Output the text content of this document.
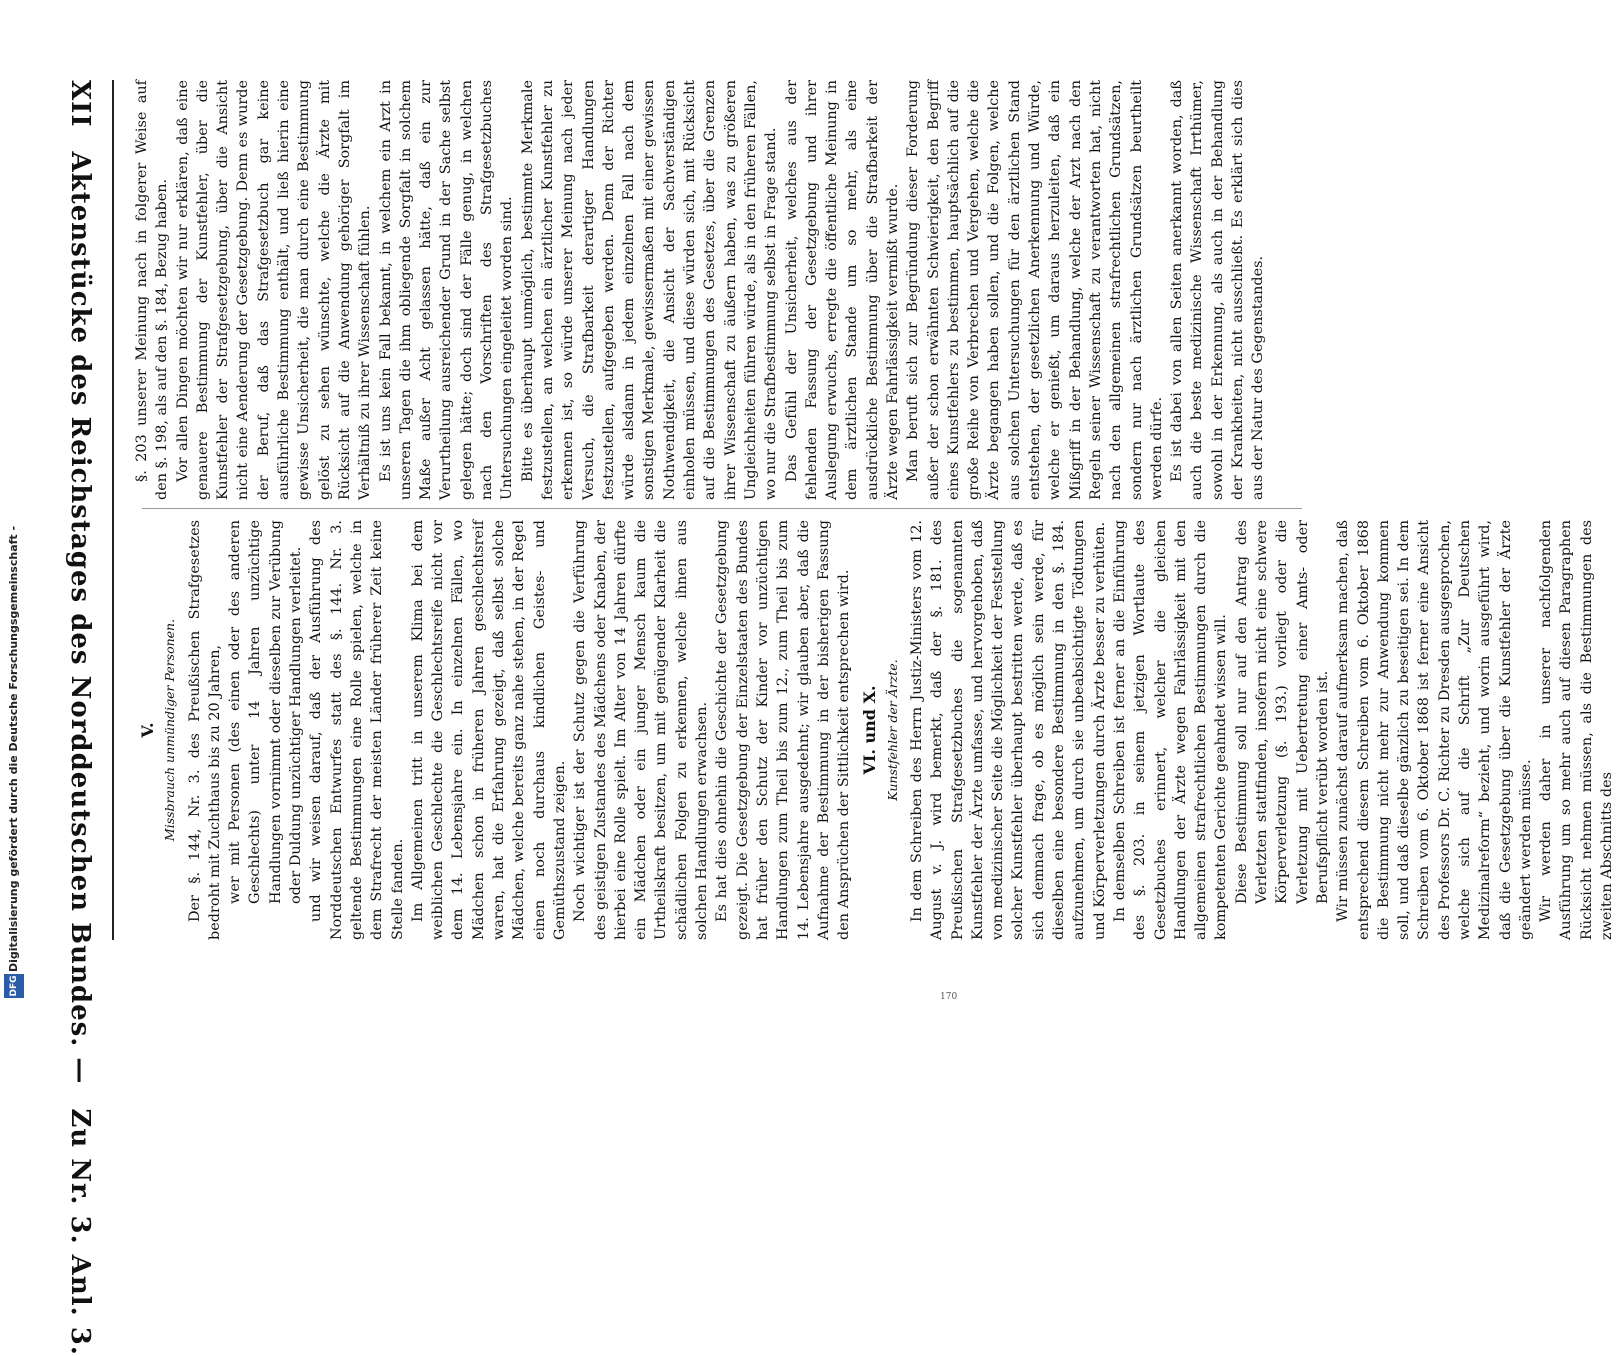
XII
Aktenstücke des Reichstages des Norddeutschen Bundes. —
Zu Nr. 3. Anl. 3.

§. 203 unserer Meinung nach in folgerer Weise auf den §. 198, als auf den §. 184, Bezug haben. Vor allen Dingen möchten wir nur erklären, daß eine genauere Bestimmung der Kunstfehler, über die Kunstfehler der Strafgesetzgebung, über die Ansicht nicht eine Aenderung der Gesetzgebung. Denn es wurde der Beruf, daß das Strafgesetzbuch gar keine ausführliche Bestimmung enthält, und ließ hierin eine gewisse Unsicherheit, die man durch eine Bestimmung gelöst zu sehen wünschte, welche die Ärzte mit Rücksicht auf die Anwendung gehöriger Sorgfalt im Verhältniß zu ihrer Wissenschaft fühlen. Es ist uns kein Fall bekannt, in welchem ein Arzt in unseren Tagen die ihm obliegende Sorgfalt in solchem Maße außer Acht gelassen hätte, daß ein zur Verurtheilung ausreichender Grund in der Sache selbst gelegen hätte; doch sind der Fälle genug, in welchen nach den Vorschriften des Strafgesetzbuches Untersuchungen eingeleitet worden sind. Bitte es überhaupt unmöglich, bestimmte Merkmale festzustellen, an welchen ein ärztlicher Kunstfehler zu erkennen ist, so würde unserer Meinung nach jeder Versuch, die Strafbarkeit derartiger Handlungen festzustellen, aufgegeben werden. Denn der Richter würde alsdann in jedem einzelnen Fall nach dem sonstigen Merkmale, gewissermaßen mit einer gewissen Nothwendigkeit, die Ansicht der Sachverständigen einholen müssen, und diese würden sich, mit Rücksicht auf die Bestimmungen des Gesetzes, über die Grenzen ihrer Wissenschaft zu äußern haben, was zu größeren Ungleichheiten führen würde, als in den früheren Fällen, wo nur die Strafbestimmung selbst in Frage stand. Das Gefühl der Unsicherheit, welches aus der fehlenden Fassung der Gesetzgebung und ihrer Auslegung erwuchs, erregte die öffentliche Meinung in dem ärztlichen Stande um so mehr, als eine ausdrückliche Bestimmung über die Strafbarkeit der Ärzte wegen Fahrlässigkeit vermißt wurde. Man beruft sich zur Begründung dieser Forderung außer der schon erwähnten Schwierigkeit, den Begriff eines Kunstfehlers zu bestimmen, hauptsächlich auf die große Reihe von Verbrechen und Vergehen, welche die Ärzte begangen haben sollen, und die Folgen, welche aus solchen Untersuchungen für den ärztlichen Stand entstehen, der gesetzlichen Anerkennung und Würde, welche er genießt, um daraus herzuleiten, daß ein Mißgriff in der Behandlung, welche der Arzt nach den Regeln seiner Wissenschaft zu verantworten hat, nicht nach den allgemeinen strafrechtlichen Grundsätzen, sondern nur nach ärztlichen Grundsätzen beurtheilt werden dürfe. Es ist dabei von allen Seiten anerkannt worden, daß auch die beste medizinische Wissenschaft Irrthümer, sowohl in der Erkennung, als auch in der Behandlung der Krankheiten, nicht ausschließt. Es erklärt sich dies aus der Natur des Gegenstandes.

V. Missbrauch unmündiger Personen. Der §. 144, Nr. 3. des Preußischen Strafgesetzes bedroht mit Zuchthaus bis zu 20 Jahren, wer mit Personen (des einen oder des anderen Geschlechts) unter 14 Jahren unzüchtige Handlungen vornimmt oder dieselben zur Verübung oder Duldung unzüchtiger Handlungen verleitet. und wir weisen darauf, daß der Ausführung des Norddeutschen Entwurfes statt des §. 144. Nr. 3. geltende Bestimmungen eine Rolle spielen, welche in dem Strafrecht der meisten Länder früherer Zeit keine Stelle fanden. Im Allgemeinen tritt in unserem Klima bei dem weiblichen Geschlechte die Geschlechtsreife nicht vor dem 14. Lebensjahre ein. In einzelnen Fällen, wo Mädchen schon in früheren Jahren geschlechtsreif waren, hat die Erfahrung gezeigt, daß selbst solche Mädchen, welche bereits ganz nahe stehen, in der Regel einen noch durchaus kindlichen Geistes- und Gemüthszustand zeigen. Noch wichtiger ist der Schutz gegen die Verführung des geistigen Zustandes des Mädchens oder Knaben, der hierbei eine Rolle spielt. Im Alter von 14 Jahren dürfte ein Mädchen oder ein junger Mensch kaum die Urtheilskraft besitzen, um mit genügender Klarheit die schädlichen Folgen zu erkennen, welche ihnen aus solchen Handlungen erwachsen. Es hat dies ohnehin die Geschichte der Gesetzgebung gezeigt. Die Gesetzgebung der Einzelstaaten des Bundes hat früher den Schutz der Kinder vor unzüchtigen Handlungen zum Theil bis zum 12., zum Theil bis zum 14. Lebensjahre ausgedehnt; wir glauben aber, daß die Aufnahme der Bestimmung in der bisherigen Fassung den Ansprüchen der Sittlichkeit entsprechen wird. VI. und X. Kunstfehler der Ärzte. In dem Schreiben des Herrn Justiz-Ministers vom 12. August v. J. wird bemerkt, daß der §. 181. des Preußischen Strafgesetzbuches die sogenannten Kunstfehler der Ärzte umfasse, und hervorgehoben, daß von medizinischer Seite die Möglichkeit der Feststellung solcher Kunstfehler überhaupt bestritten werde, daß es sich demnach frage, ob es möglich sein werde, für dieselben eine besondere Bestimmung in den §. 184. aufzunehmen, um durch sie unbeabsichtigte Tödtungen und Körperverletzungen durch Ärzte besser zu verhüten. In demselben Schreiben ist ferner an die Einführung des §. 203. in seinem jetzigen Wortlaute des Gesetzbuches erinnert, welcher die gleichen Handlungen der Ärzte wegen Fahrlässigkeit mit den allgemeinen strafrechtlichen Bestimmungen durch die kompetenten Gerichte geahndet wissen will. Diese Bestimmung soll nur auf den Antrag des Verletzten stattfinden, insofern nicht eine schwere Körperverletzung (§. 193.) vorliegt oder die Verletzung mit Uebertretung einer Amts- oder Berufspflicht verübt worden ist. Wir müssen zunächst darauf aufmerksam machen, daß entsprechend diesem Schreiben vom 6. Oktober 1868 die Bestimmung nicht mehr zur Anwendung kommen soll, und daß dieselbe gänzlich zu beseitigen sei. In dem Schreiben vom 6. Oktober 1868 ist ferner eine Ansicht des Professors Dr. C. Richter zu Dresden ausgesprochen, welche sich auf die Schrift „Zur Deutschen Medizinalreform“ bezieht, und worin ausgeführt wird, daß die Gesetzgebung über die Kunstfehler der Ärzte geändert werden müsse. Wir werden daher in unserer nachfolgenden Ausführung um so mehr auch auf diesen Paragraphen Rücksicht nehmen müssen, als die Bestimmungen des zweiten Abschnitts des

Digitalisierung gefördert durch die Deutsche Forschungsgemeinschaft -
DFG
170
